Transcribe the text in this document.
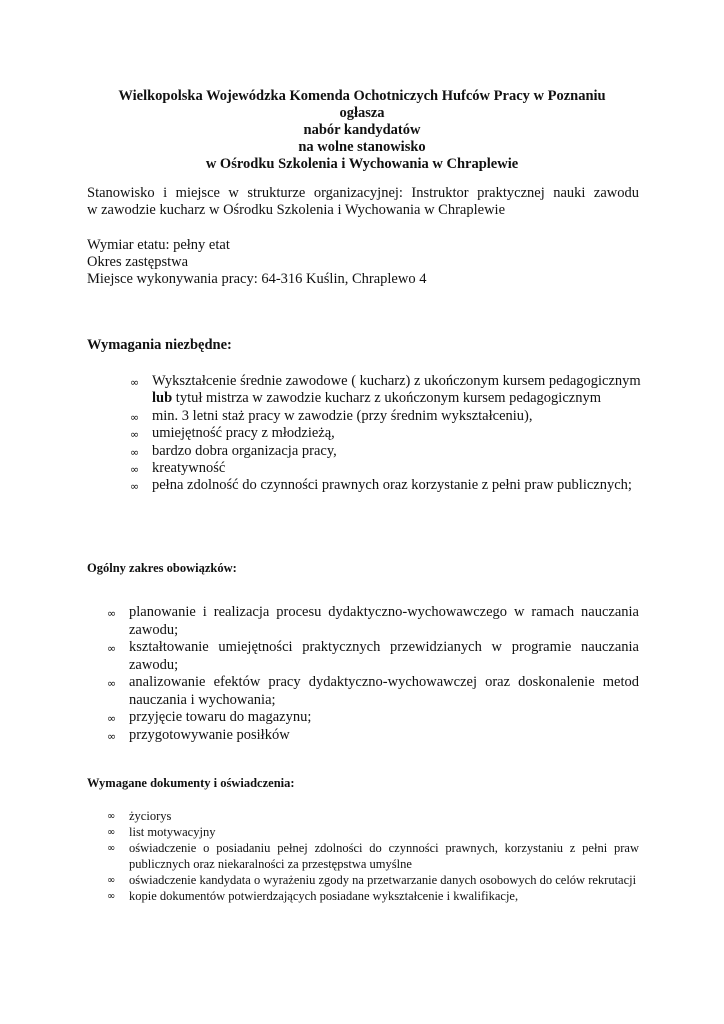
Wielkopolska Wojewódzka Komenda Ochotniczych Hufców Pracy w Poznaniu
ogłasza
nabór kandydatów
na wolne stanowisko
w Ośrodku Szkolenia i Wychowania w Chraplewie
Stanowisko i miejsce w strukturze organizacyjnej: Instruktor praktycznej nauki zawodu
w zawodzie kucharz w Ośrodku Szkolenia i Wychowania w Chraplewie
Wymiar etatu: pełny etat
Okres zastępstwa
Miejsce wykonywania pracy: 64-316 Kuślin, Chraplewo 4
Wymagania niezbędne:
∞ Wykształcenie średnie zawodowe ( kucharz) z ukończonym kursem pedagogicznym lub tytuł mistrza w zawodzie kucharz z ukończonym kursem pedagogicznym
∞ min. 3 letni staż pracy w zawodzie (przy średnim wykształceniu),
∞ umiejętność pracy z młodzieżą,
∞ bardzo dobra organizacja pracy,
∞ kreatywność
∞ pełna zdolność do czynności prawnych oraz korzystanie z pełni praw publicznych;
Ogólny zakres obowiązków:
∞ planowanie i realizacja procesu dydaktyczno-wychowawczego w ramach nauczania zawodu;
∞ kształtowanie umiejętności praktycznych przewidzianych w programie nauczania zawodu;
∞ analizowanie efektów pracy dydaktyczno-wychowawczej oraz doskonalenie metod nauczania i wychowania;
∞ przyjęcie towaru do magazynu;
∞ przygotowywanie posiłków
Wymagane dokumenty i oświadczenia:
∞ życiorys
∞ list motywacyjny
∞ oświadczenie o posiadaniu pełnej zdolności do czynności prawnych, korzystaniu z pełni praw publicznych oraz niekaralności za przestępstwa umyślne
∞ oświadczenie kandydata o wyrażeniu zgody na przetwarzanie danych osobowych do celów rekrutacji
∞ kopie dokumentów potwierdzających posiadane wykształcenie i kwalifikacje,
